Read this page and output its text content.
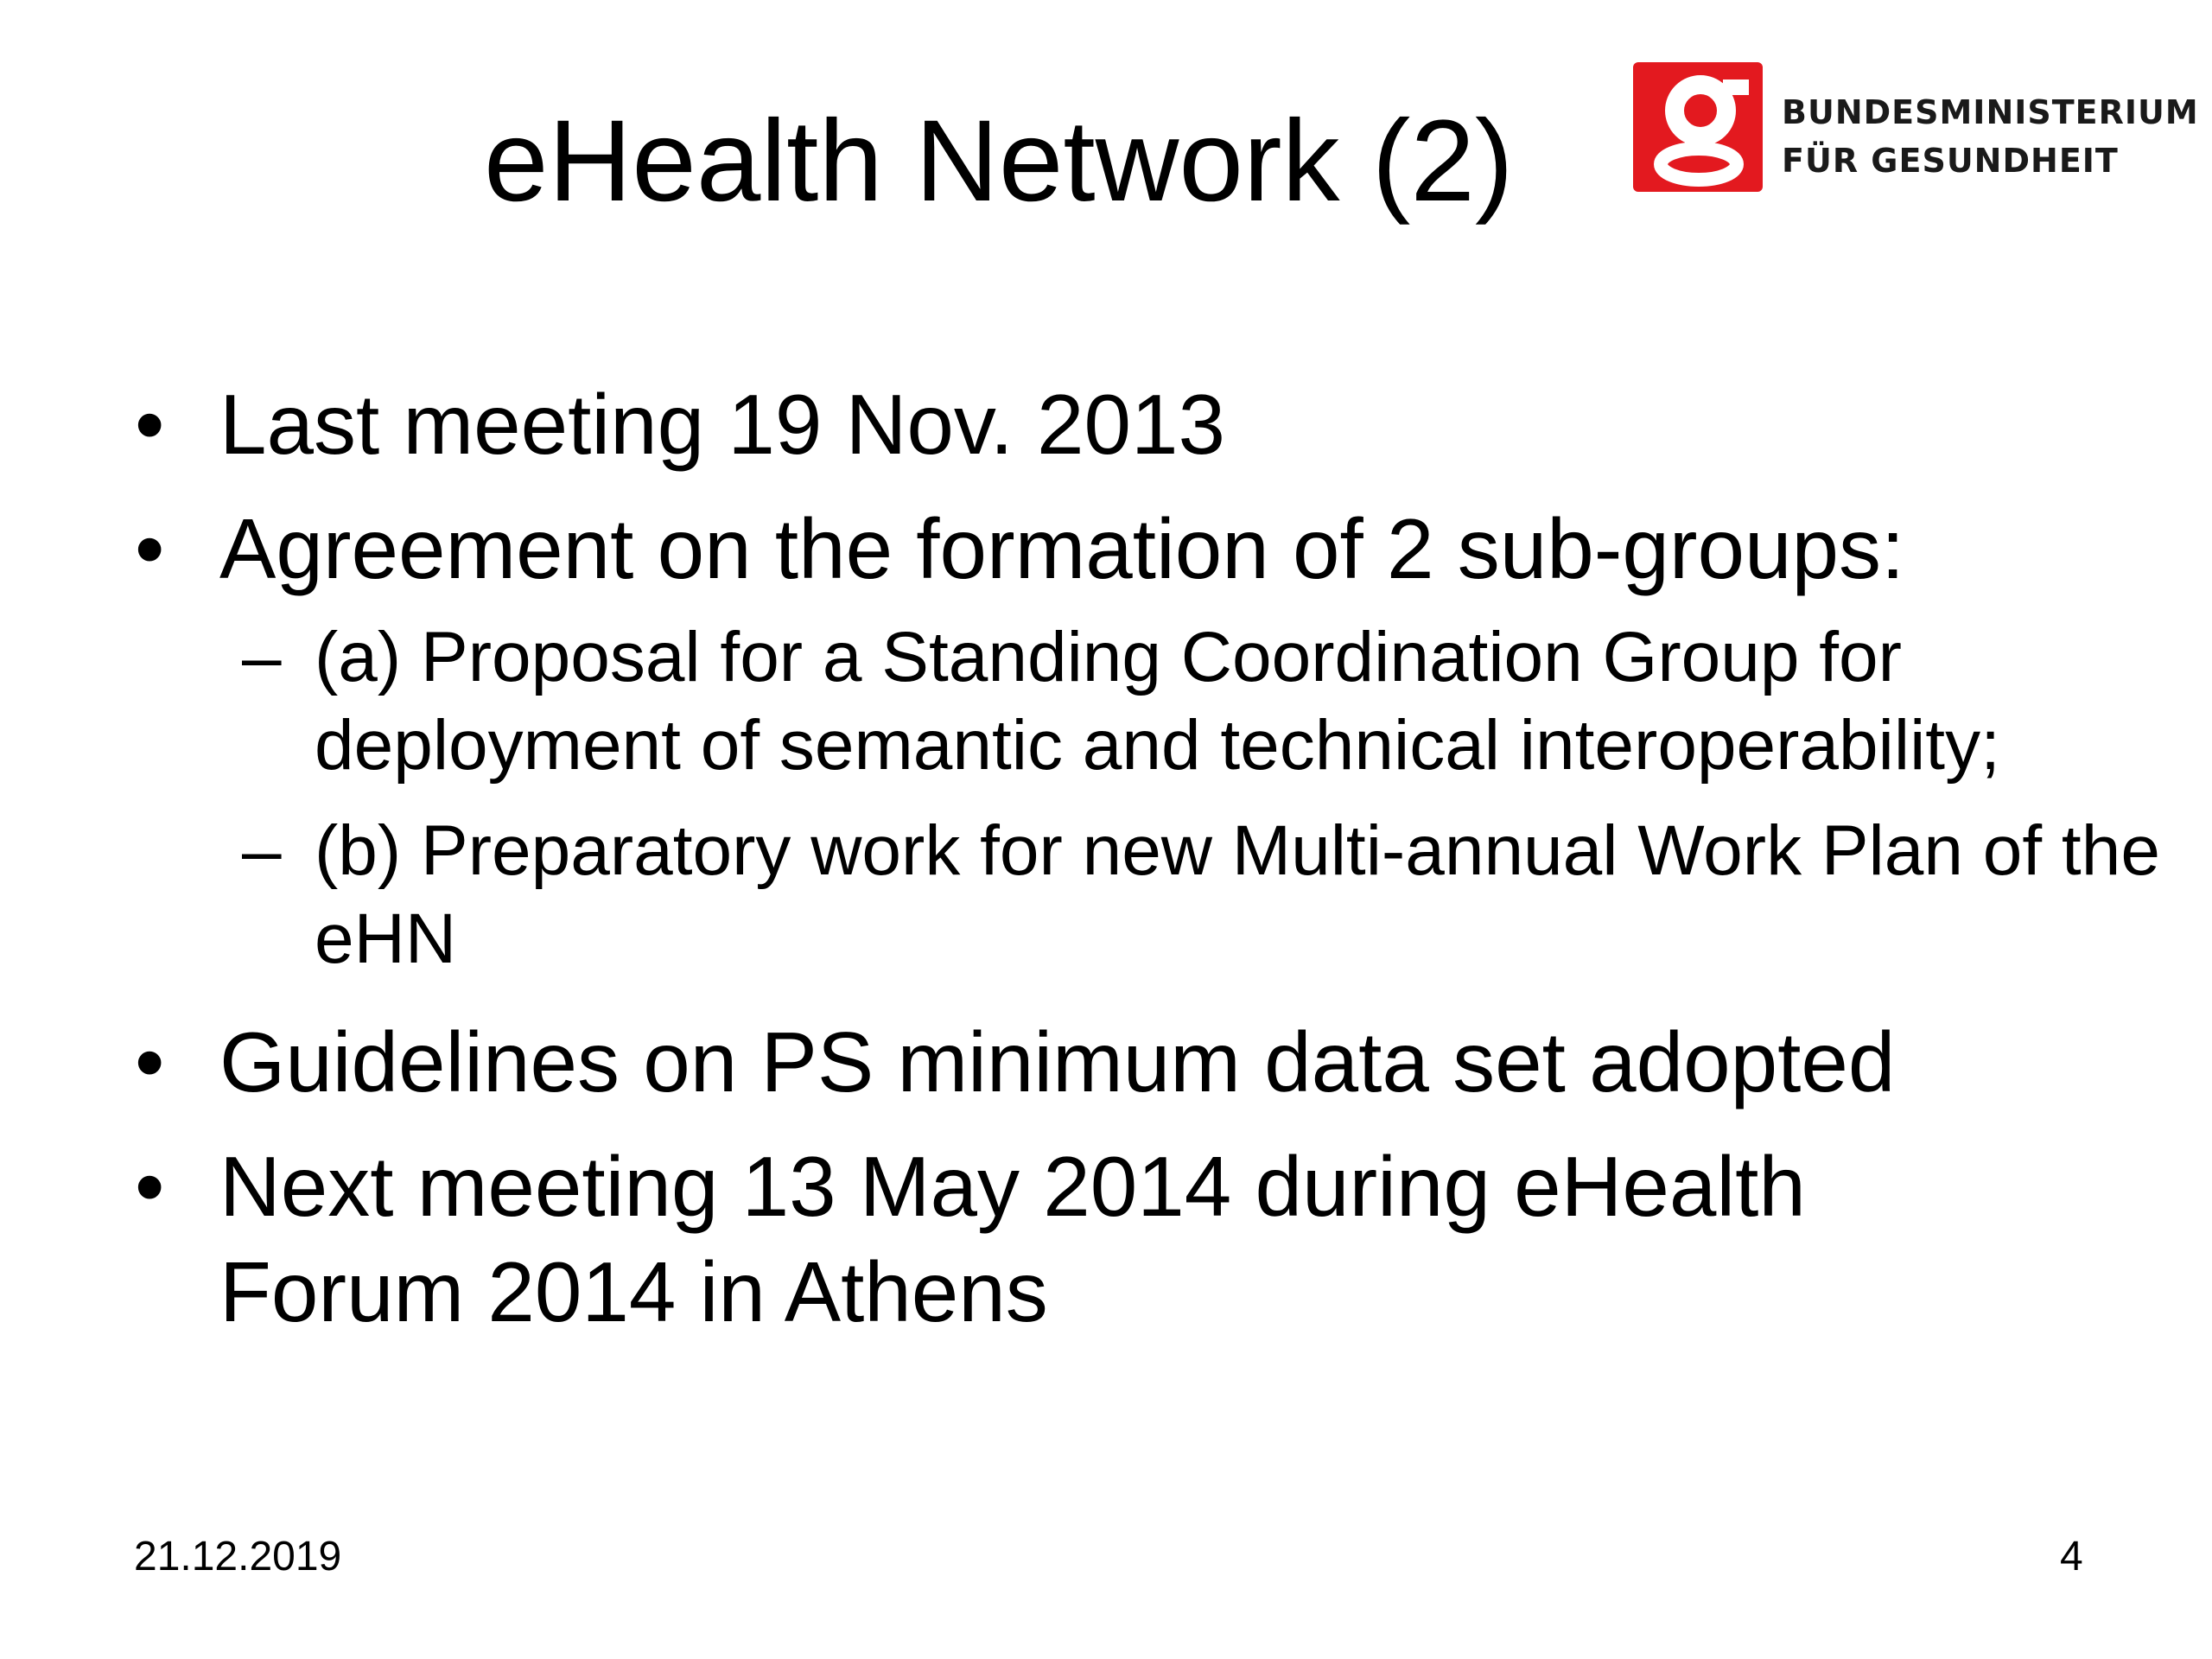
eHealth Network (2)	BUNDESMINISTERIUM
FÜR GESUNDHEIT
• Last meeting 19 Nov. 2013
• Agreement on the formation of 2 sub-groups:
– (a) Proposal for a Standing Coordination Group for deployment of semantic and technical interoperability;
– (b) Preparatory work for new Multi-annual Work Plan of the eHN
• Guidelines on PS minimum data set adopted
• Next meeting 13 May 2014 during eHealth Forum 2014 in Athens
21.12.2019	4
